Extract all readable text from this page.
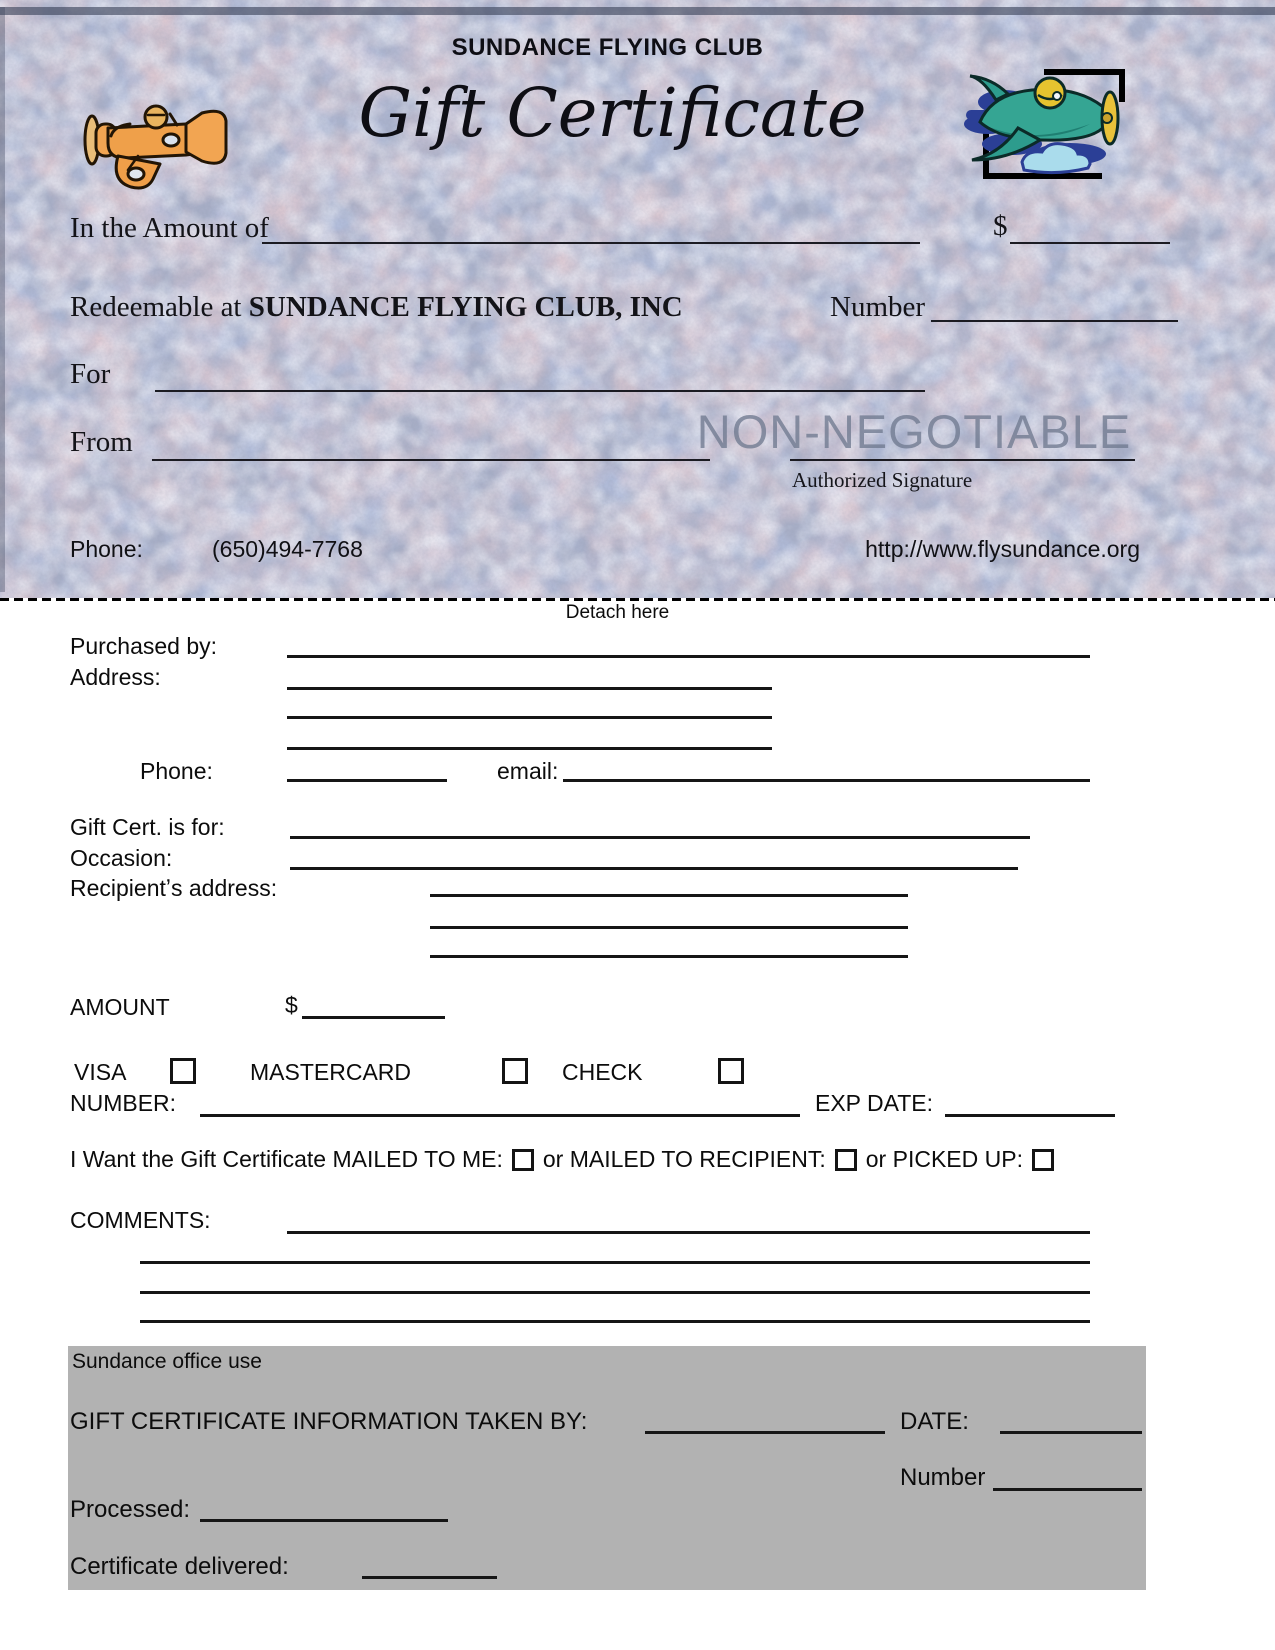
SUNDANCE FLYING CLUB
Gift Certificate
In the Amount of	$
Redeemable at SUNDANCE FLYING CLUB, INC	Number
For
From	NON-NEGOTIABLE
Authorized Signature
Phone:	(650)494-7768	http://www.flysundance.org
Detach here
Purchased by:
Address:
Phone:	email:
Gift Cert. is for:
Occasion:
Recipientʼs address:
AMOUNT	$
VISA	MASTERCARD	CHECK
NUMBER:	EXP DATE:
I Want the Gift Certificate MAILED TO ME: or MAILED TO RECIPIENT: or PICKED UP:
COMMENTS:
Sundance office use
GIFT CERTIFICATE INFORMATION TAKEN BY:	DATE:
Number
Processed:
Certificate delivered:
